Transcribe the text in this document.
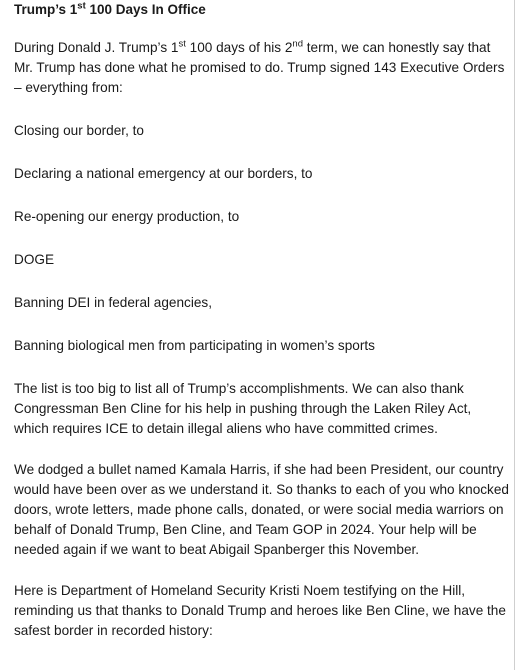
Trump’s 1st 100 Days In Office

During Donald J. Trump’s 1st 100 days of his 2nd term, we can honestly say that Mr. Trump has done what he promised to do. Trump signed 143 Executive Orders – everything from:

Closing our border, to

Declaring a national emergency at our borders, to

Re-opening our energy production, to

DOGE

Banning DEI in federal agencies,

Banning biological men from participating in women’s sports

The list is too big to list all of Trump’s accomplishments. We can also thank Congressman Ben Cline for his help in pushing through the Laken Riley Act, which requires ICE to detain illegal aliens who have committed crimes.

We dodged a bullet named Kamala Harris, if she had been President, our country would have been over as we understand it. So thanks to each of you who knocked doors, wrote letters, made phone calls, donated, or were social media warriors on behalf of Donald Trump, Ben Cline, and Team GOP in 2024. Your help will be needed again if we want to beat Abigail Spanberger this November.

Here is Department of Homeland Security Kristi Noem testifying on the Hill, reminding us that thanks to Donald Trump and heroes like Ben Cline, we have the safest border in recorded history:
